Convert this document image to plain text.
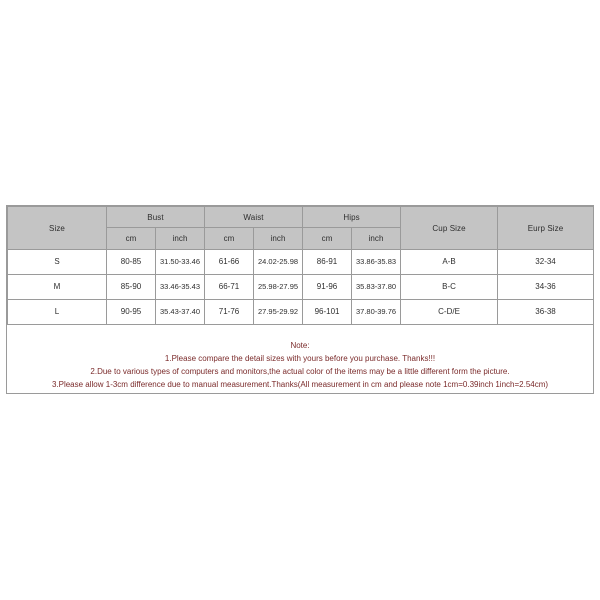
Size	Bust		Waist		Hips		Cup Size	Eurp Size
	cm	inch	cm	inch	cm	inch		
S	80-85	31.50-33.46	61-66	24.02-25.98	86-91	33.86-35.83	A-B	32-34
M	85-90	33.46-35.43	66-71	25.98-27.95	91-96	35.83-37.80	B-C	34-36
L	90-95	35.43-37.40	71-76	27.95-29.92	96-101	37.80-39.76	C-D/E	36-38
Note:
1.Please compare the detail sizes with yours before you purchase. Thanks!!!
2.Due to various types of computers and monitors,the actual color of the items may be a little different form the picture.
3.Please allow 1-3cm difference due to manual measurement.Thanks(All measurement in cm and please note 1cm=0.39inch 1inch=2.54cm)
